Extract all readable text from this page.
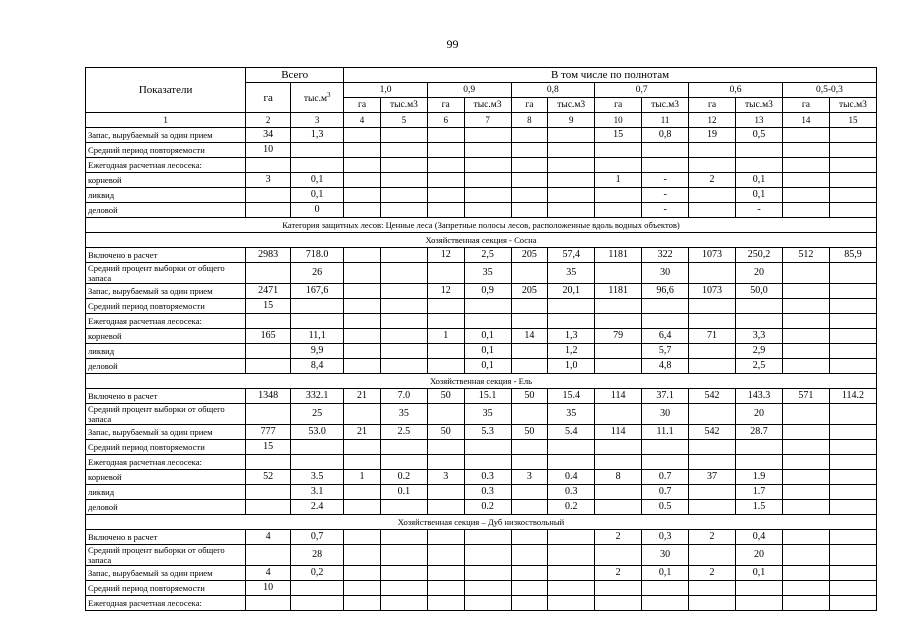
99
Показатели	Всего		В том числе по полнотам											
	га	$тыс.м^3$	1,0		0,9		0,8		0,7		0,6		0,5-0,3	
			га	тыс.м3	га	тыс.м3	га	тыс.м3	га	тыс.м3	га	тыс.м3	га	тыс.м3
1	2	3	4	5	6	7	8	9	10	11	12	13	14	15
Запас, вырубаемый за один прием	34	1,3							15	0,8	19	0,5		
Средний период повторяемости	10													
Ежегодная расчетная лесосека:														
корневой	3	0,1							1	-	2	0,1		
ликвид		0,1								-		0,1		
деловой		0								-		-		
Категория защитных лесов: Ценные леса (Запретные полосы лесов, расположенные вдоль водных объектов)														
Хозяйственная секция - Сосна														
Включено в расчет	2983	718.0			12	2,5	205	57,4	1181	322	1073	250,2	512	85,9
Средний процент выборки от общего запаса		26				35		35		30		20		
Запас, вырубаемый за один прием	2471	167,6			12	0,9	205	20,1	1181	96,6	1073	50,0		
Средний период повторяемости	15													
Ежегодная расчетная лесосека:														
корневой	165	11,1			1	0,1	14	1,3	79	6,4	71	3,3		
ликвид		9,9				0,1		1,2		5,7		2,9		
деловой		8,4				0,1		1,0		4,8		2,5		
Хозяйственная секция - Ель														
Включено в расчет	1348	332.1	21	7.0	50	15.1	50	15.4	114	37.1	542	143.3	571	114.2
Средний процент выборки от общего запаса		25		35		35		35		30		20		
Запас, вырубаемый за один прием	777	53.0	21	2.5	50	5.3	50	5.4	114	11.1	542	28.7		
Средний период повторяемости	15													
Ежегодная расчетная лесосека:														
корневой	52	3.5	1	0.2	3	0.3	3	0.4	8	0.7	37	1.9		
ликвид		3.1		0.1		0.3		0.3		0.7		1.7		
деловой		2.4				0.2		0.2		0.5		1.5		
Хозяйственная секция – Дуб низкоствольный														
Включено в расчет	4	0,7							2	0,3	2	0,4		
Средний процент выборки от общего запаса		28								30		20		
Запас, вырубаемый за один прием	4	0,2							2	0,1	2	0,1		
Средний период повторяемости	10													
Ежегодная расчетная лесосека:														
